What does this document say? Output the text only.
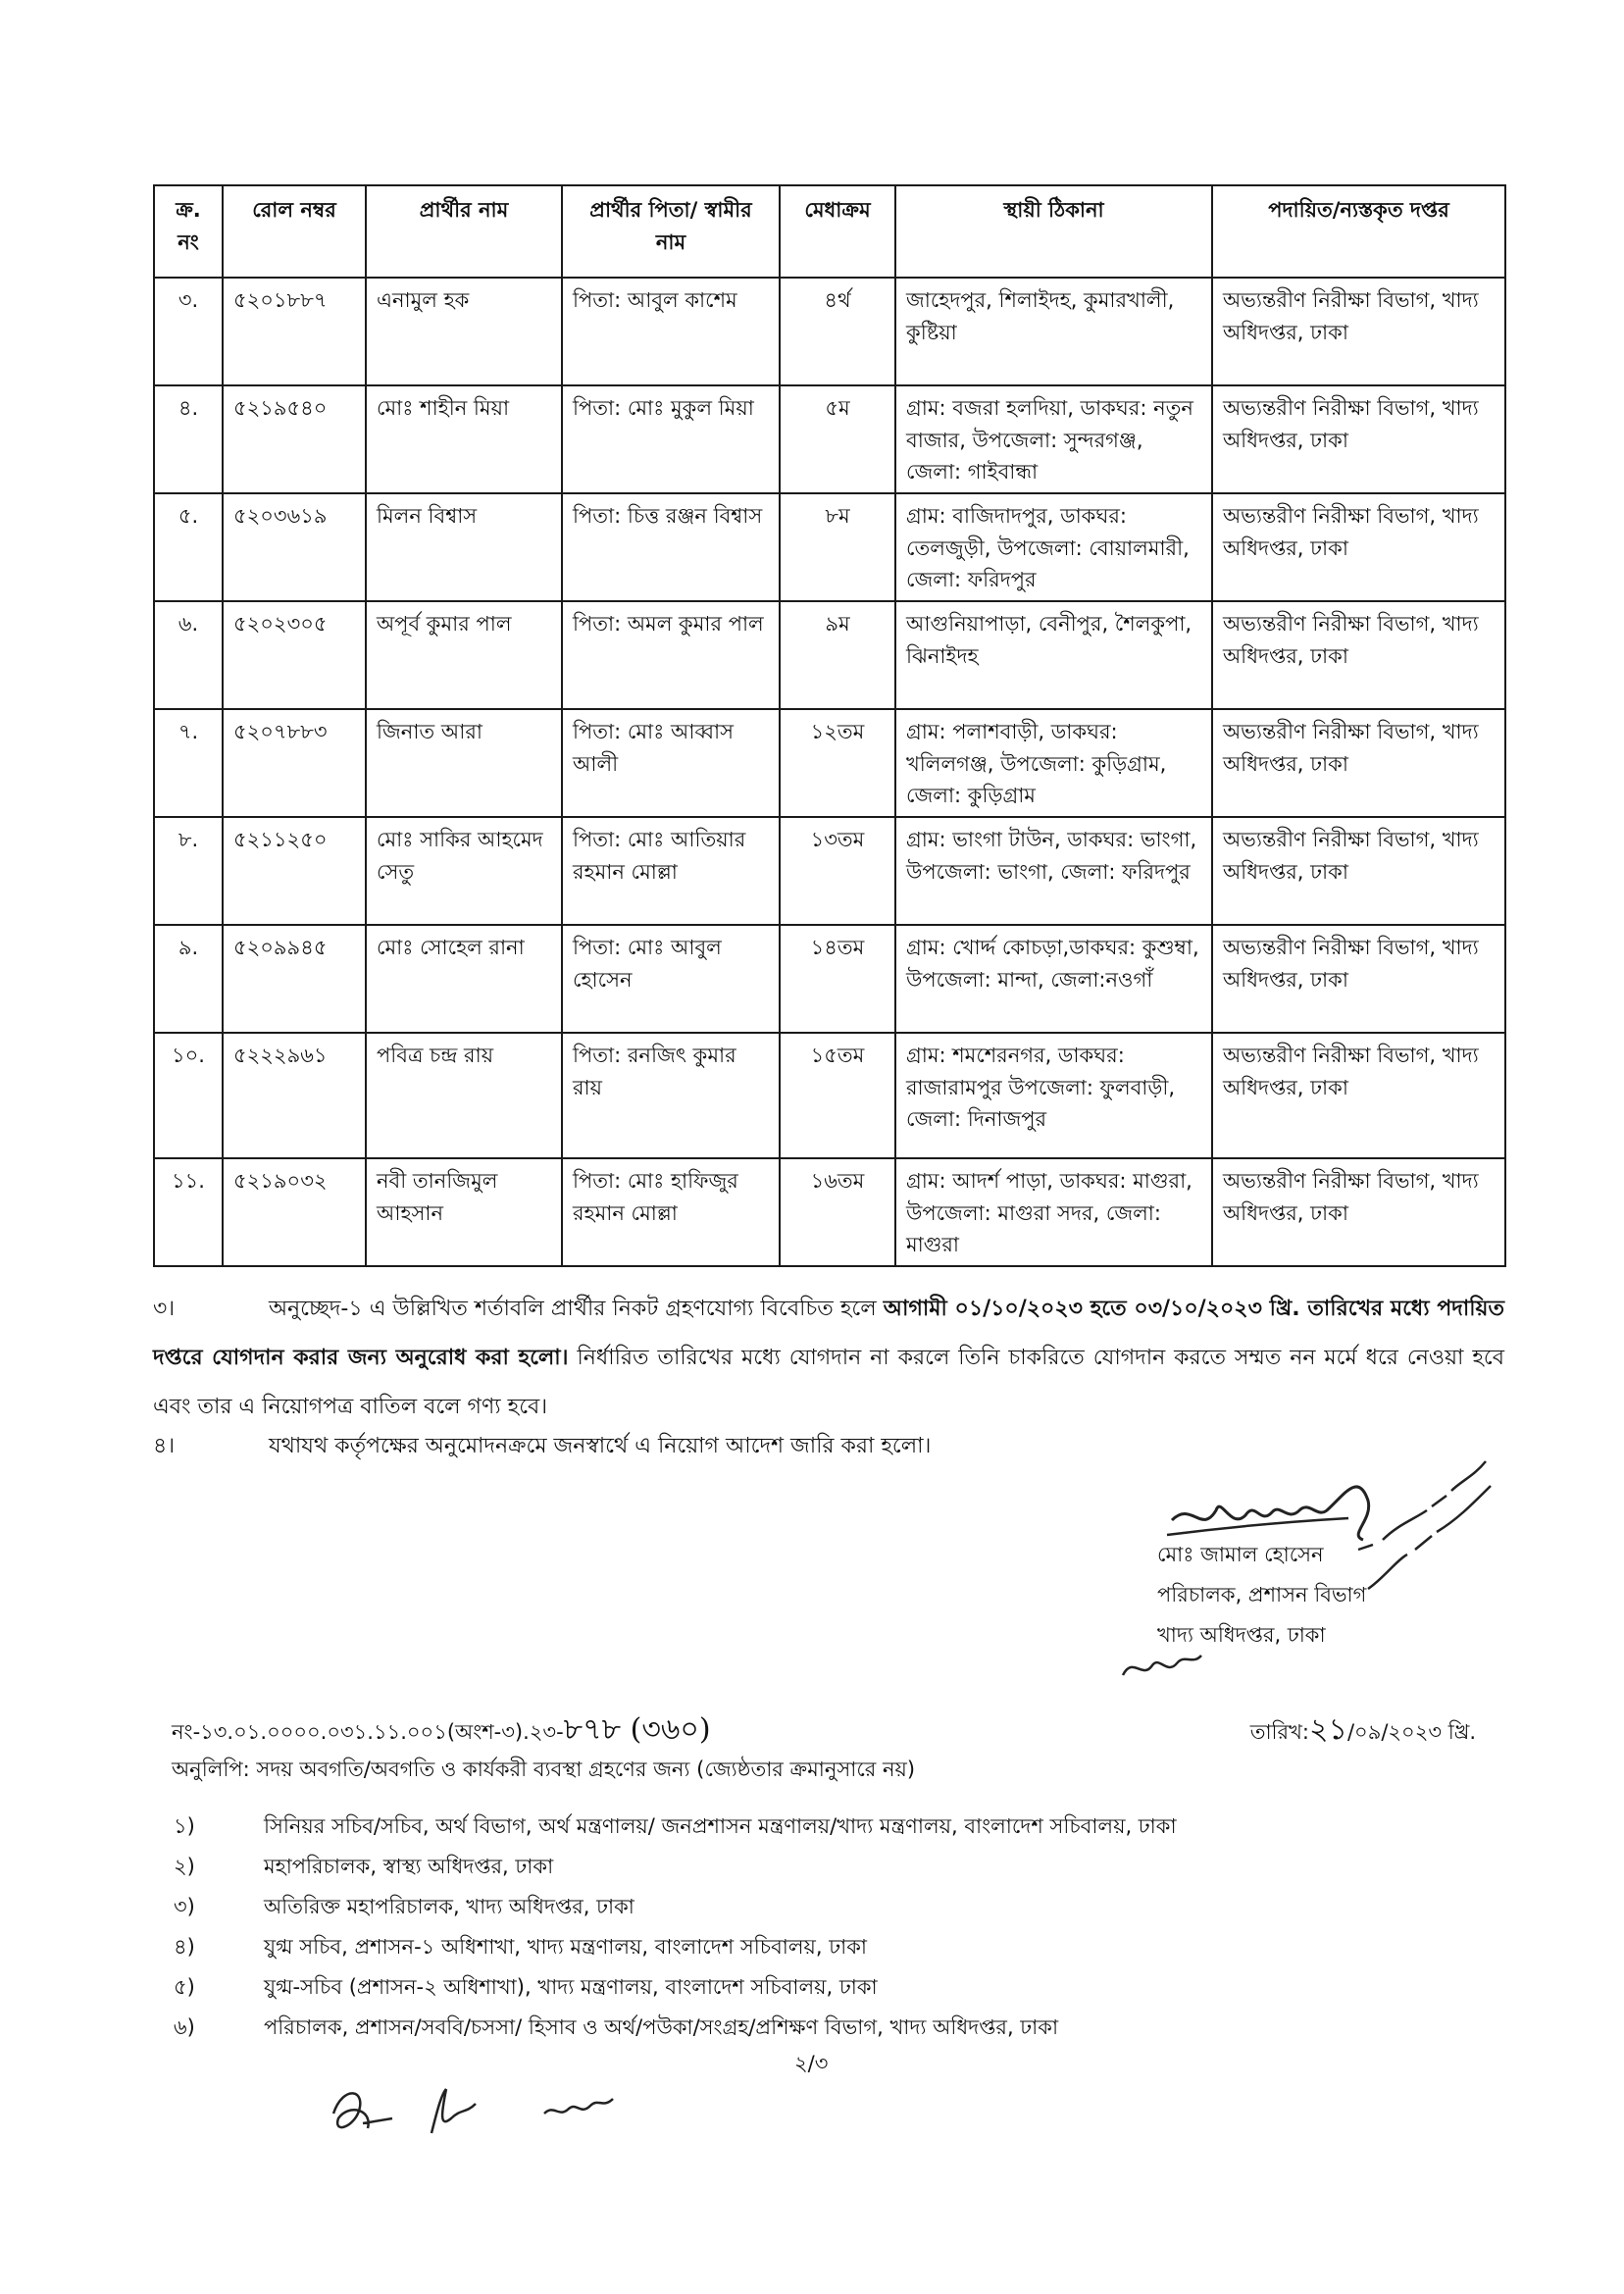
ক্র. নং	রোল নম্বর	প্রার্থীর নাম	প্রার্থীর পিতা/ স্বামীর নাম	মেধাক্রম	স্থায়ী ঠিকানা	পদায়িত/ন্যস্তকৃত দপ্তর
৩.	৫২০১৮৮৭	এনামুল হক	পিতা: আবুল কাশেম	৪র্থ	জাহেদপুর, শিলাইদহ, কুমারখালী, কুষ্টিয়া	অভ্যন্তরীণ নিরীক্ষা বিভাগ, খাদ্য অধিদপ্তর, ঢাকা
৪.	৫২১৯৫৪০	মোঃ শাহীন মিয়া	পিতা: মোঃ মুকুল মিয়া	৫ম	গ্রাম: বজরা হলদিয়া, ডাকঘর: নতুন বাজার, উপজেলা: সুন্দরগঞ্জ, জেলা: গাইবান্ধা	অভ্যন্তরীণ নিরীক্ষা বিভাগ, খাদ্য অধিদপ্তর, ঢাকা
৫.	৫২০৩৬১৯	মিলন বিশ্বাস	পিতা: চিত্ত রঞ্জন বিশ্বাস	৮ম	গ্রাম: বাজিদাদপুর, ডাকঘর: তেলজুড়ী, উপজেলা: বোয়ালমারী, জেলা: ফরিদপুর	অভ্যন্তরীণ নিরীক্ষা বিভাগ, খাদ্য অধিদপ্তর, ঢাকা
৬.	৫২০২৩০৫	অপূর্ব কুমার পাল	পিতা: অমল কুমার পাল	৯ম	আগুনিয়াপাড়া, বেনীপুর, শৈলকুপা, ঝিনাইদহ	অভ্যন্তরীণ নিরীক্ষা বিভাগ, খাদ্য অধিদপ্তর, ঢাকা
৭.	৫২০৭৮৮৩	জিনাত আরা	পিতা: মোঃ আব্বাস আলী	১২তম	গ্রাম: পলাশবাড়ী, ডাকঘর: খলিলগঞ্জ, উপজেলা: কুড়িগ্রাম, জেলা: কুড়িগ্রাম	অভ্যন্তরীণ নিরীক্ষা বিভাগ, খাদ্য অধিদপ্তর, ঢাকা
৮.	৫২১১২৫০	মোঃ সাকির আহমেদ সেতু	পিতা: মোঃ আতিয়ার রহমান মোল্লা	১৩তম	গ্রাম: ভাংগা টাউন, ডাকঘর: ভাংগা, উপজেলা: ভাংগা, জেলা: ফরিদপুর	অভ্যন্তরীণ নিরীক্ষা বিভাগ, খাদ্য অধিদপ্তর, ঢাকা
৯.	৫২০৯৯৪৫	মোঃ সোহেল রানা	পিতা: মোঃ আবুল হোসেন	১৪তম	গ্রাম: খোর্দ্দ কোচড়া,ডাকঘর: কুশুম্বা, উপজেলা: মান্দা, জেলা:নওগাঁ	অভ্যন্তরীণ নিরীক্ষা বিভাগ, খাদ্য অধিদপ্তর, ঢাকা
১০.	৫২২২৯৬১	পবিত্র চন্দ্র রায়	পিতা: রনজিৎ কুমার রায়	১৫তম	গ্রাম: শমশেরনগর, ডাকঘর: রাজারামপুর উপজেলা: ফুলবাড়ী, জেলা: দিনাজপুর	অভ্যন্তরীণ নিরীক্ষা বিভাগ, খাদ্য অধিদপ্তর, ঢাকা
১১.	৫২১৯০৩২	নবী তানজিমুল আহসান	পিতা: মোঃ হাফিজুর রহমান মোল্লা	১৬তম	গ্রাম: আদর্শ পাড়া, ডাকঘর: মাগুরা, উপজেলা: মাগুরা সদর, জেলা: মাগুরা	অভ্যন্তরীণ নিরীক্ষা বিভাগ, খাদ্য অধিদপ্তর, ঢাকা
৩।	অনুচ্ছেদ-১ এ উল্লিখিত শর্তাবলি প্রার্থীর নিকট গ্রহণযোগ্য বিবেচিত হলে আগামী ০১/১০/২০২৩ হতে ০৩/১০/২০২৩ খ্রি. তারিখের মধ্যে পদায়িত দপ্তরে যোগদান করার জন্য অনুরোধ করা হলো। নির্ধারিত তারিখের মধ্যে যোগদান না করলে তিনি চাকরিতে যোগদান করতে সম্মত নন মর্মে ধরে নেওয়া হবে এবং তার এ নিয়োগপত্র বাতিল বলে গণ্য হবে।
৪।	যথাযথ কর্তৃপক্ষের অনুমোদনক্রমে জনস্বার্থে এ নিয়োগ আদেশ জারি করা হলো।
মোঃ জামাল হোসেন
পরিচালক, প্রশাসন বিভাগ
খাদ্য অধিদপ্তর, ঢাকা
নং-১৩.০১.০০০০.০৩১.১১.০০১(অংশ-৩).২৩-৮৭৮ (৩৬০)	তারিখ:২১/০৯/২০২৩ খ্রি.
অনুলিপি: সদয় অবগতি/অবগতি ও কার্যকরী ব্যবস্থা গ্রহণের জন্য (জ্যেষ্ঠতার ক্রমানুসারে নয়)
১)	সিনিয়র সচিব/সচিব, অর্থ বিভাগ, অর্থ মন্ত্রণালয়/ জনপ্রশাসন মন্ত্রণালয়/খাদ্য মন্ত্রণালয়, বাংলাদেশ সচিবালয়, ঢাকা
২)	মহাপরিচালক, স্বাস্থ্য অধিদপ্তর, ঢাকা
৩)	অতিরিক্ত মহাপরিচালক, খাদ্য অধিদপ্তর, ঢাকা
৪)	যুগ্ম সচিব, প্রশাসন-১ অধিশাখা, খাদ্য মন্ত্রণালয়, বাংলাদেশ সচিবালয়, ঢাকা
৫)	যুগ্ম-সচিব (প্রশাসন-২ অধিশাখা), খাদ্য মন্ত্রণালয়, বাংলাদেশ সচিবালয়, ঢাকা
৬)	পরিচালক, প্রশাসন/সববি/চসসা/ হিসাব ও অর্থ/পউকা/সংগ্রহ/প্রশিক্ষণ বিভাগ, খাদ্য অধিদপ্তর, ঢাকা
২/৩
